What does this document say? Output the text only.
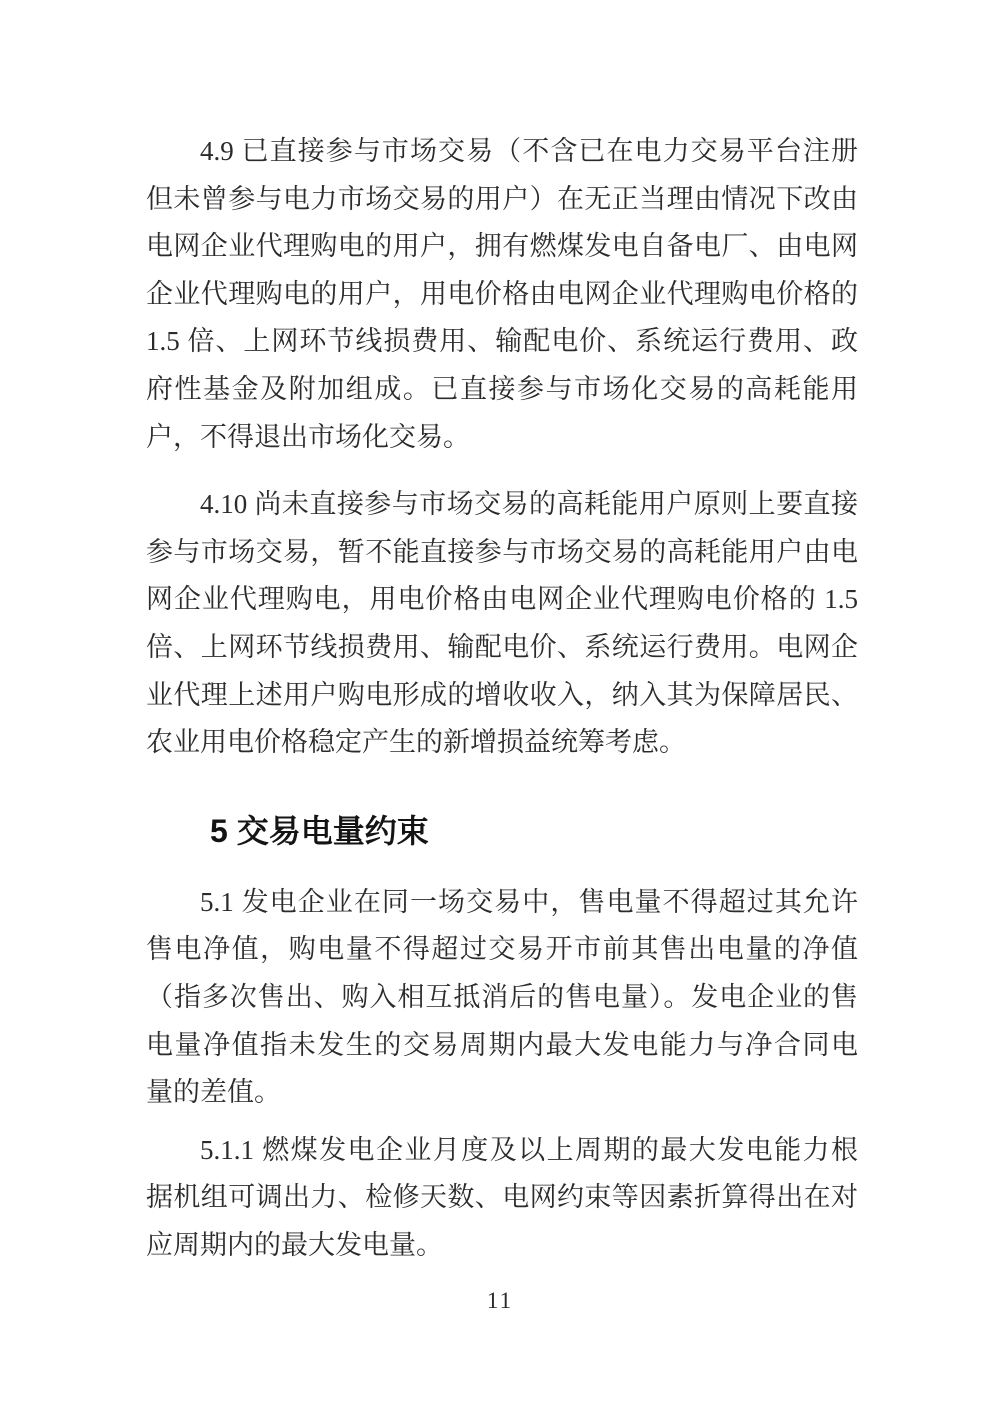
4.9 已直接参与市场交易（不含已在电力交易平台注册
但未曾参与电力市场交易的用户）在无正当理由情况下改由
电网企业代理购电的用户，拥有燃煤发电自备电厂、由电网
企业代理购电的用户，用电价格由电网企业代理购电价格的
1.5 倍、上网环节线损费用、输配电价、系统运行费用、政
府性基金及附加组成。已直接参与市场化交易的高耗能用
户，不得退出市场化交易。
4.10 尚未直接参与市场交易的高耗能用户原则上要直接
参与市场交易，暂不能直接参与市场交易的高耗能用户由电
网企业代理购电，用电价格由电网企业代理购电价格的 1.5
倍、上网环节线损费用、输配电价、系统运行费用。电网企
业代理上述用户购电形成的增收收入，纳入其为保障居民、
农业用电价格稳定产生的新增损益统筹考虑。
5 交易电量约束
5.1 发电企业在同一场交易中，售电量不得超过其允许
售电净值，购电量不得超过交易开市前其售出电量的净值
（指多次售出、购入相互抵消后的售电量）。发电企业的售
电量净值指未发生的交易周期内最大发电能力与净合同电
量的差值。
5.1.1 燃煤发电企业月度及以上周期的最大发电能力根
据机组可调出力、检修天数、电网约束等因素折算得出在对
应周期内的最大发电量。
11
